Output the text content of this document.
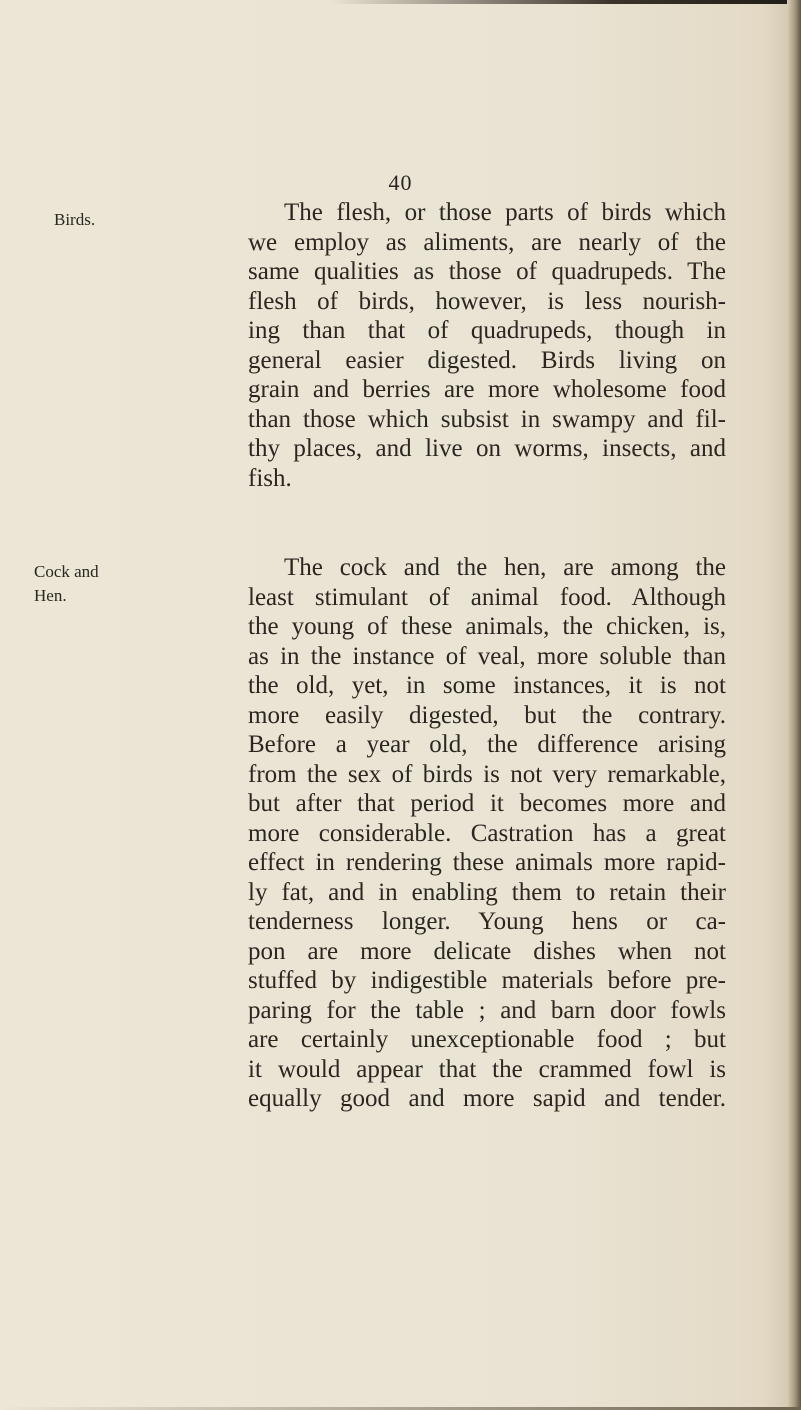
40
Birds.
Cock and
Hen.
The flesh, or those parts of birds which
we employ as aliments, are nearly of the
same qualities as those of quadrupeds. The
flesh of birds, however, is less nourish-
ing than that of quadrupeds, though in
general easier digested. Birds living on
grain and berries are more wholesome food
than those which subsist in swampy and fil-
thy places, and live on worms, insects, and
fish.
The cock and the hen, are among the
least stimulant of animal food. Although
the young of these animals, the chicken, is,
as in the instance of veal, more soluble than
the old, yet, in some instances, it is not
more easily digested, but the contrary.
Before a year old, the difference arising
from the sex of birds is not very remarkable,
but after that period it becomes more and
more considerable. Castration has a great
effect in rendering these animals more rapid-
ly fat, and in enabling them to retain their
tenderness longer. Young hens or ca-
pon are more delicate dishes when not
stuffed by indigestible materials before pre-
paring for the table ; and barn door fowls
are certainly unexceptionable food ; but
it would appear that the crammed fowl is
equally good and more sapid and tender.
